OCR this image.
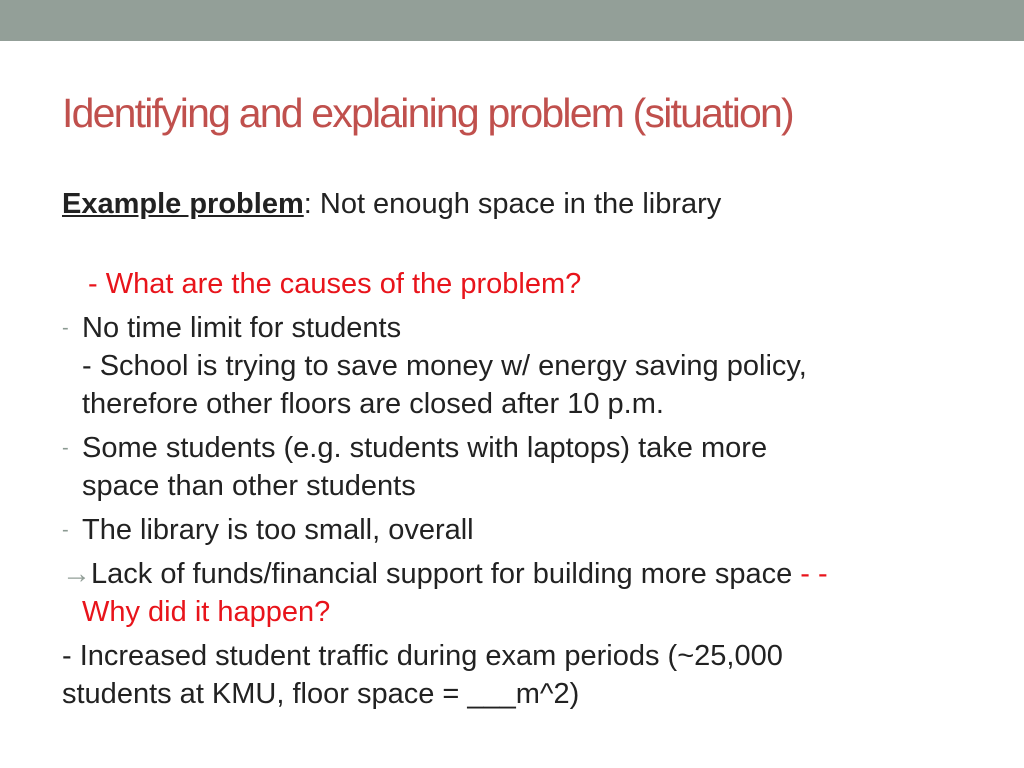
Identifying and explaining problem (situation)
Example problem: Not enough space in the library
- What are the causes of the problem?
- No time limit for students
- School is trying to save money w/ energy saving policy,
therefore other floors are closed after 10 p.m.
- Some students (e.g. students with laptops) take more
space than other students
- The library is too small, overall
→Lack of funds/financial support for building more space - -
Why did it happen?
- Increased student traffic during exam periods (~25,000
students at KMU, floor space = ___m^2)
